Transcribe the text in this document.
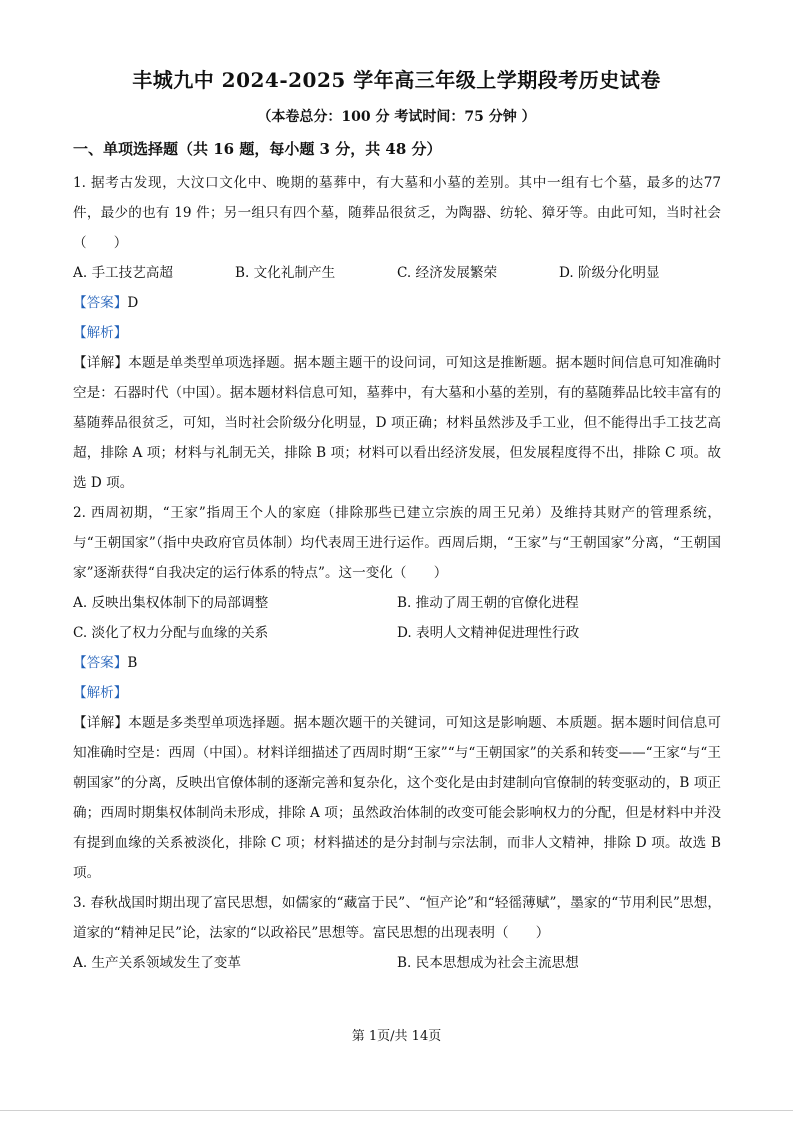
丰城九中 2024-2025 学年高三年级上学期段考历史试卷
（本卷总分：100 分 考试时间：75 分钟 ）
一、单项选择题（共 16 题，每小题 3 分，共 48 分）

1. 据考古发现，大汶口文化中、晚期的墓葬中，有大墓和小墓的差别。其中一组有七个墓，最多的达77 件，最少的也有 19 件；另一组只有四个墓，随葬品很贫乏，为陶器、纺轮、獐牙等。由此可知，当时社会（　　）

A. 手工技艺高超	B. 文化礼制产生	C. 经济发展繁荣	D. 阶级分化明显
【答案】D
【解析】

【详解】本题是单类型单项选择题。据本题主题干的设问词，可知这是推断题。据本题时间信息可知准确时空是：石器时代（中国）。据本题材料信息可知，墓葬中，有大墓和小墓的差别，有的墓随葬品比较丰富有的墓随葬品很贫乏，可知，当时社会阶级分化明显，D 项正确；材料虽然涉及手工业，但不能得出手工技艺高超，排除 A 项；材料与礼制无关，排除 B 项；材料可以看出经济发展，但发展程度得不出，排除 C 项。故选 D 项。

2. 西周初期，“王家”指周王个人的家庭（排除那些已建立宗族的周王兄弟）及维持其财产的管理系统，与“王朝国家”（指中央政府官员体制）均代表周王进行运作。西周后期，“王家”与“王朝国家”分离，“王朝国家”逐渐获得“自我决定的运行体系的特点”。这一变化（　　）

A. 反映出集权体制下的局部调整	B. 推动了周王朝的官僚化进程
C. 淡化了权力分配与血缘的关系	D. 表明人文精神促进理性行政
【答案】B
【解析】

【详解】本题是多类型单项选择题。据本题次题干的关键词，可知这是影响题、本质题。据本题时间信息可知准确时空是：西周（中国）。材料详细描述了西周时期“王家”“与“王朝国家”的关系和转变——“王家“与“王朝国家”的分离，反映出官僚体制的逐渐完善和复杂化，这个变化是由封建制向官僚制的转变驱动的，B 项正确；西周时期集权体制尚未形成，排除 A 项；虽然政治体制的改变可能会影响权力的分配，但是材料中并没有提到血缘的关系被淡化，排除 C 项；材料描述的是分封制与宗法制，而非人文精神，排除 D 项。故选 B 项。

3. 春秋战国时期出现了富民思想，如儒家的“藏富于民”、“恒产论”和“轻徭薄赋”，墨家的“节用利民”思想，道家的“精神足民”论，法家的“以政裕民”思想等。富民思想的出现表明（　　）

A. 生产关系领域发生了变革	B. 民本思想成为社会主流思想
第 1页/共 14页
